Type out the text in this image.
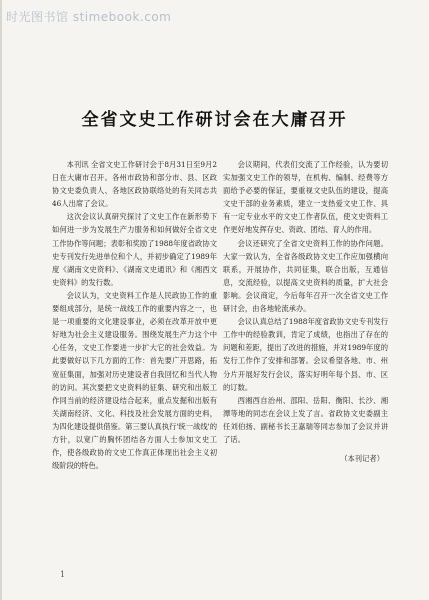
时光图书馆 stimebook.com
全省文史工作研讨会在大庸召开

本刊讯 全省文史工作研讨会于8月31日至9月2日在大庸市召开。各州市政协和部分市、县、区政协文史委负责人、各地区政协联络处的有关同志共46人出席了会议。

这次会议认真研究探讨了文史工作在新形势下如何进一步为发展生产力服务和如何做好全省文史工作协作等问题；表彰和奖励了1988年度省政协文史专刊发行先进单位和个人，并初步确定了1989年度《湖南文史资料》、《湖南文史通讯》和《湘西文史资料》的发行数。

会议认为，文史资料工作是人民政协工作的重要组成部分，是统一战线工作的重要内容之一，也是一项重要的文化建设事业，必须在改革开放中更好地为社会主义建设服务。围绕发展生产力这个中心任务，文史工作要进一步扩大它的社会效益。为此要做好以下几方面的工作：首先要广开思路，拓宽征集面，加强对历史建设者自我回忆和当代人物的访问。其次要把文史资料的征集、研究和出版工作同当前的经济建设结合起来，重点发掘和出版有关湖南经济、文化、科技及社会发展方面的史料，为四化建设提供借鉴。第三要认真执行'统一战线'的方针，以宽广的胸怀团结各方面人士参加文史工作，使各级政协的文史工作真正体现出社会主义初级阶段的特色。

会议期间，代表们交流了工作经验，认为要切实加强文史工作的领导，在机构、编制、经费等方面给予必要的保证，要重视文史队伍的建设，提高文史干部的业务素质，建立一支热爱文史工作、具有一定专业水平的文史工作者队伍，使文史资料工作更好地发挥存史、资政、团结、育人的作用。

会议还研究了全省文史资料工作的协作问题。大家一致认为，全省各级政协文史工作应加强横向联系，开展协作，共同征集，联合出版，互通信息，交流经验，以提高文史资料的质量，扩大社会影响。会议商定，今后每年召开一次全省文史工作研讨会，由各地轮流承办。

会议认真总结了1988年度省政协文史专刊发行工作中的经验教训，肯定了成绩，也指出了存在的问题和差距，提出了改进的措施，并对1989年度的发行工作作了安排和部署。会议希望各地、市、州分片开展好发行会议，落实好明年每个县、市、区的订数。

西湘西自治州、邵阳、岳阳、衡阳、长沙、湘潭等地的同志在会议上发了言。省政协文史委副主任刘伯扬、副秘书长王嘉瑞等同志参加了会议并讲了话。

（本刊记者）
1
